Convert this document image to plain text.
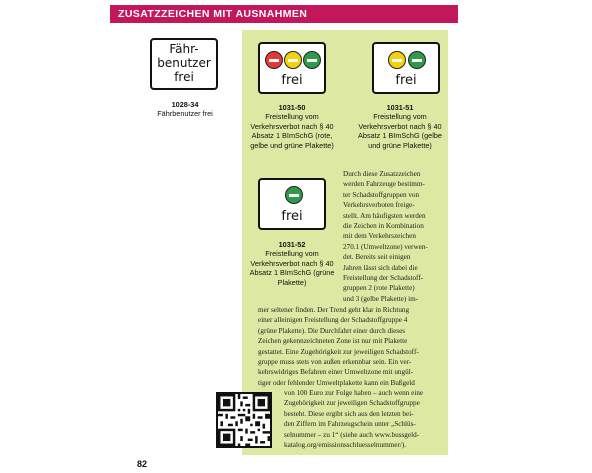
ZUSATZZEICHEN MIT AUSNAHMEN
Fähr-
benutzer
frei
1028-34
Fährbenutzer frei
frei
1031-50
Freistellung vom Verkehrsverbot nach § 40 Absatz 1 BImSchG (rote, gelbe und grüne Plakette)
frei
1031-51
Freistellung vom Verkehrsverbot nach § 40 Absatz 1 BImSchG (gelbe und grüne Plakette)
frei
1031-52
Freistellung vom Verkehrsverbot nach § 40 Absatz 1 BImSchG (grüne Plakette)
Durch diese Zusatzzeichen
werden Fahrzeuge bestimm-
ter Schadstoffgruppen von
Verkehrsverboten freige-
stellt. Am häufigsten werden
die Zeichen in Kombination
mit dem Verkehrszeichen
270.1 (Umweltzone) verwen-
det. Bereits seit einigen
Jahren lässt sich dabei die
Freistellung der Schadstoff-
gruppen 2 (rote Plakette)
und 3 (gelbe Plakette) im-
mer seltener finden. Der Trend geht klar in Richtung
einer alleinigen Freistellung der Schadstoffgruppe 4
(grüne Plakette). Die Durchfahrt einer durch dieses
Zeichen gekennzeichneten Zone ist nur mit Plakette
gestattet. Eine Zugehörigkeit zur jeweiligen Schadstoff-
gruppe muss stets von außen erkennbar sein. Ein ver-
kehrswidriges Befahren einer Umweltzone mit ungül-
tiger oder fehlender Umweltplakette kann ein Bußgeld
von 100 Euro zur Folge haben – auch wenn eine
Zugehörigkeit zur jeweiligen Schadstoffgruppe
besteht. Diese ergibt sich aus den letzten bei-
den Ziffern im Fahrzeugschein unter „Schlüs-
selnummer – zu 1“ (siehe auch www.bussgeld-
katalog.org/emissionsschluesselnummer/).
82
